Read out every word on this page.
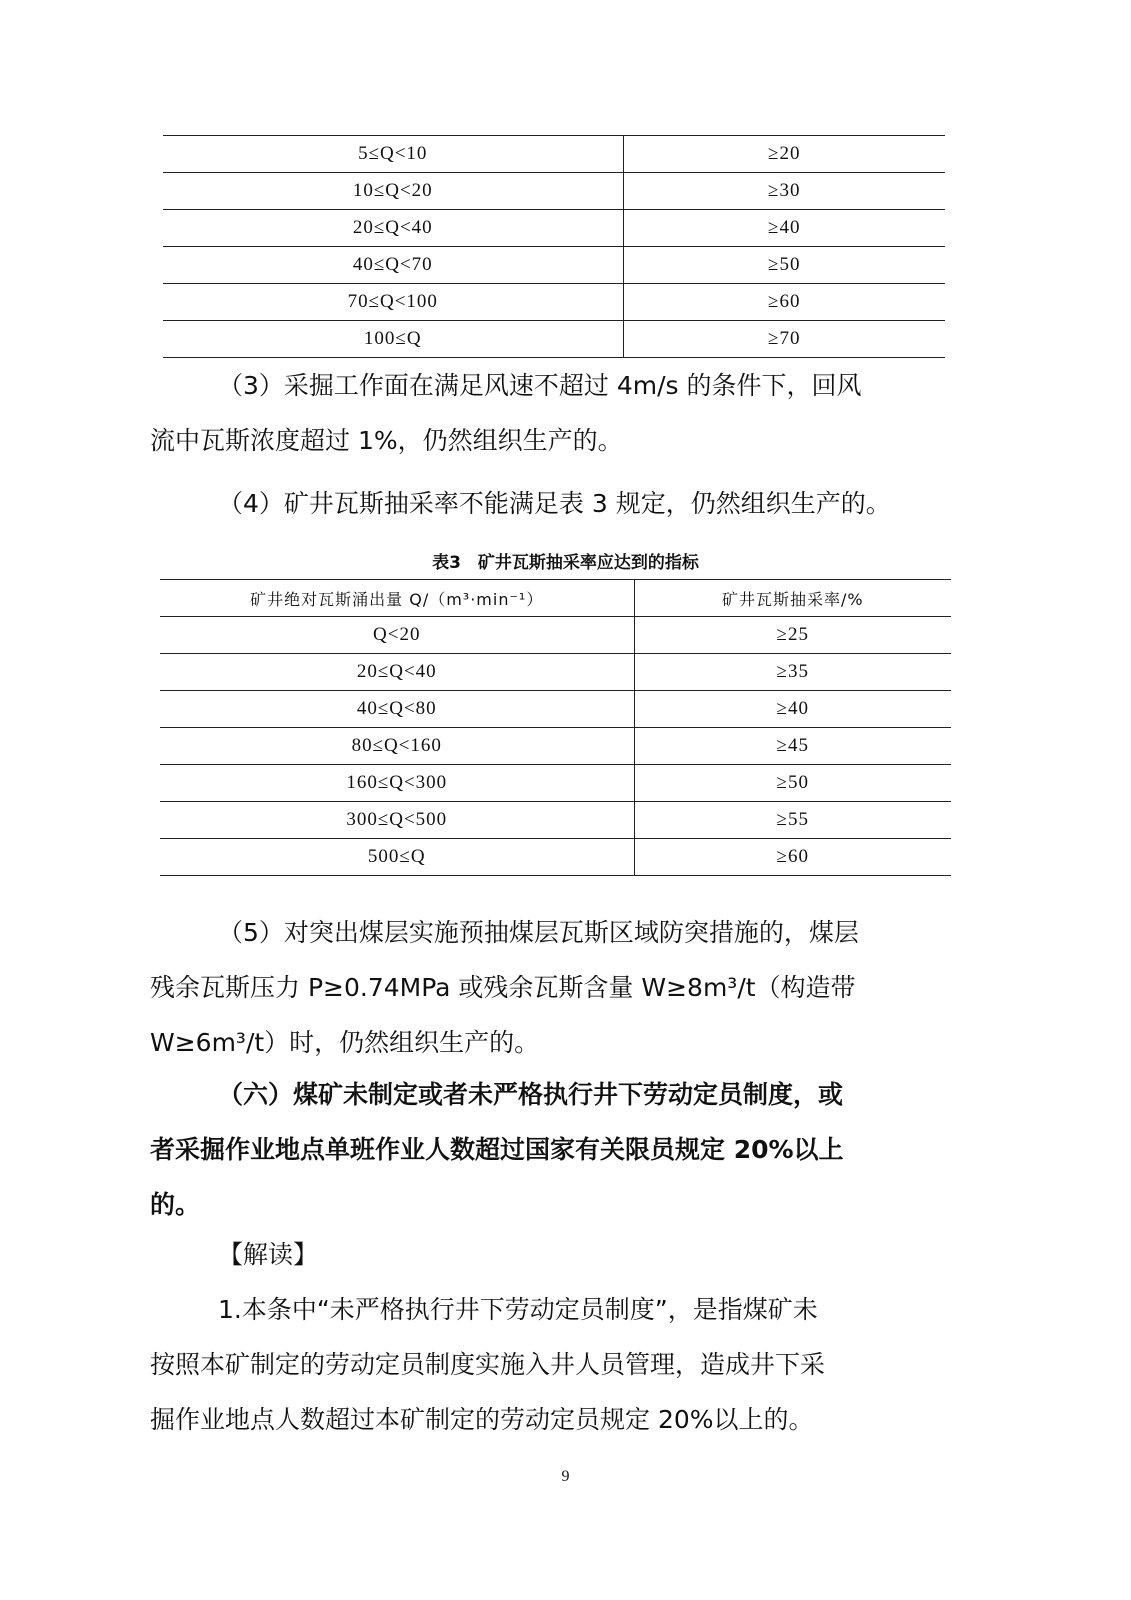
5≤Q<10	≥20
10≤Q<20	≥30
20≤Q<40	≥40
40≤Q<70	≥50
70≤Q<100	≥60
100≤Q	≥70
（3）采掘工作面在满足风速不超过 4m/s 的条件下，回风
流中瓦斯浓度超过 1%，仍然组织生产的。
（4）矿井瓦斯抽采率不能满足表 3 规定，仍然组织生产的。
表3　矿井瓦斯抽采率应达到的指标
矿井绝对瓦斯涌出量 Q/（m³·min⁻¹）	矿井瓦斯抽采率/%
Q<20	≥25
20≤Q<40	≥35
40≤Q<80	≥40
80≤Q<160	≥45
160≤Q<300	≥50
300≤Q<500	≥55
500≤Q	≥60
（5）对突出煤层实施预抽煤层瓦斯区域防突措施的，煤层
残余瓦斯压力 P≥0.74MPa 或残余瓦斯含量 W≥8m³/t（构造带
W≥6m³/t）时，仍然组织生产的。
（六）煤矿未制定或者未严格执行井下劳动定员制度，或
者采掘作业地点单班作业人数超过国家有关限员规定 20%以上
的。
【解读】
1.本条中“未严格执行井下劳动定员制度”，是指煤矿未
按照本矿制定的劳动定员制度实施入井人员管理，造成井下采
掘作业地点人数超过本矿制定的劳动定员规定 20%以上的。
9
